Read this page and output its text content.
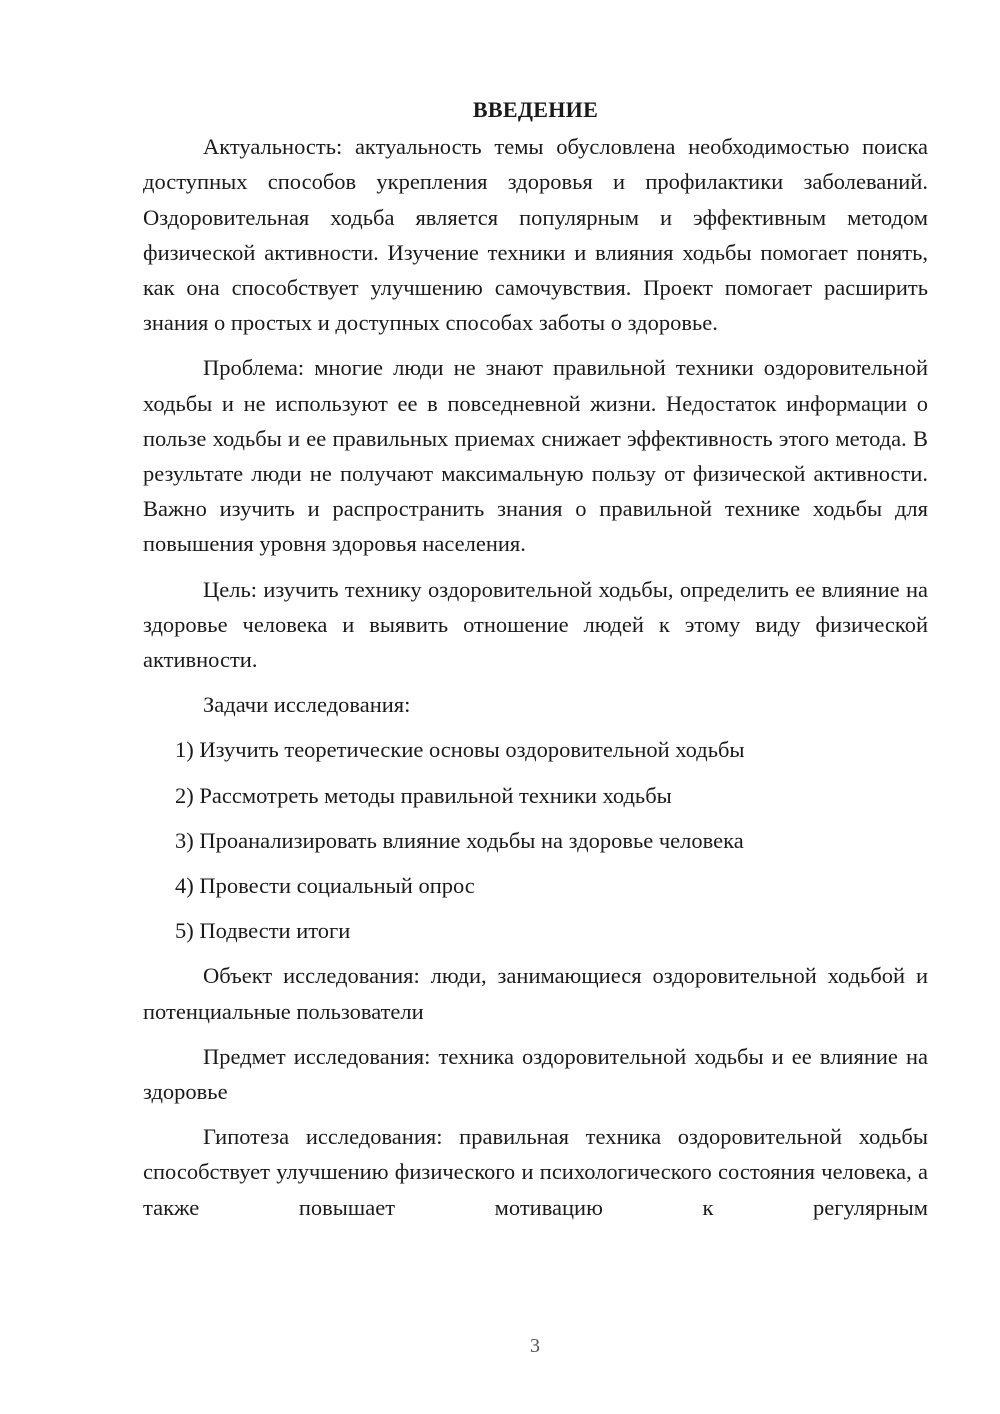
ВВЕДЕНИЕ

Актуальность: актуальность темы обусловлена необходимостью поиска доступных способов укрепления здоровья и профилактики заболеваний. Оздоровительная ходьба является популярным и эффективным методом физической активности. Изучение техники и влияния ходьбы помогает понять, как она способствует улучшению самочувствия. Проект помогает расширить знания о простых и доступных способах заботы о здоровье.

Проблема: многие люди не знают правильной техники оздоровительной ходьбы и не используют ее в повседневной жизни. Недостаток информации о пользе ходьбы и ее правильных приемах снижает эффективность этого метода. В результате люди не получают максимальную пользу от физической активности. Важно изучить и распространить знания о правильной технике ходьбы для повышения уровня здоровья населения.

Цель: изучить технику оздоровительной ходьбы, определить ее влияние на здоровье человека и выявить отношение людей к этому виду физической активности.

Задачи исследования:

1) Изучить теоретические основы оздоровительной ходьбы
2) Рассмотреть методы правильной техники ходьбы
3) Проанализировать влияние ходьбы на здоровье человека
4) Провести социальный опрос
5) Подвести итоги

Объект исследования: люди, занимающиеся оздоровительной ходьбой и потенциальные пользователи

Предмет исследования: техника оздоровительной ходьбы и ее влияние на здоровье

Гипотеза исследования: правильная техника оздоровительной ходьбы способствует улучшению физического и психологического состояния человека, а также повышает мотивацию к регулярным

3
